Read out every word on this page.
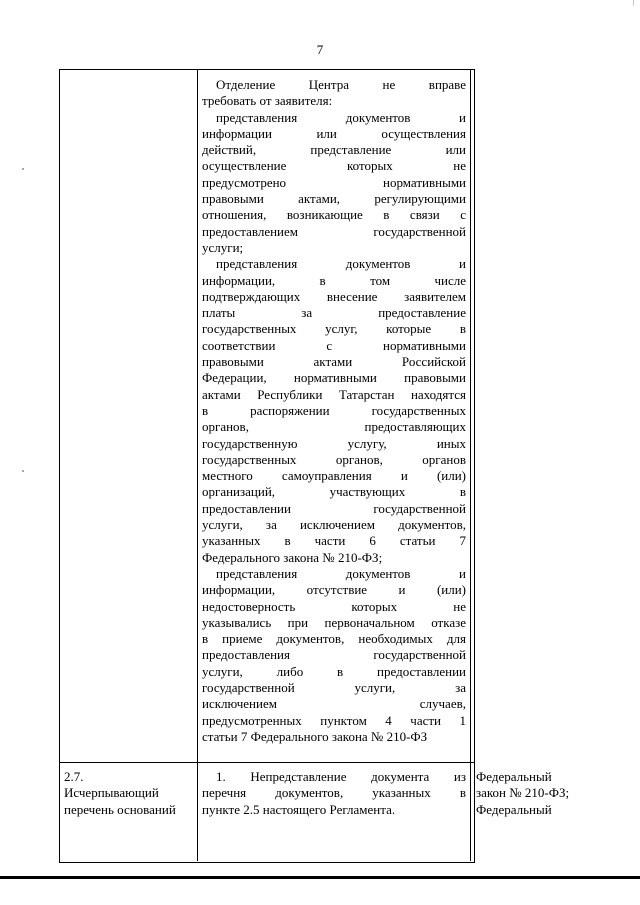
7

Отделение Центра не вправе

требовать от заявителя:

представления документов и

информации или осуществления

действий, представление или

осуществление которых не

предусмотрено нормативными

правовыми актами, регулирующими

отношения, возникающие в связи с

предоставлением государственной

услуги;

представления документов и

информации, в том числе

подтверждающих внесение заявителем

платы за предоставление

государственных услуг, которые в

соответствии с нормативными

правовыми актами Российской

Федерации, нормативными правовыми

актами Республики Татарстан находятся

в распоряжении государственных

органов, предоставляющих

государственную услугу, иных

государственных органов, органов

местного самоуправления и (или)

организаций, участвующих в

предоставлении государственной

услуги, за исключением документов,

указанных в части 6 статьи 7

Федерального закона № 210-ФЗ;

представления документов и

информации, отсутствие и (или)

недостоверность которых не

указывались при первоначальном отказе

в приеме документов, необходимых для

предоставления государственной

услуги, либо в предоставлении

государственной услуги, за

исключением случаев,

предусмотренных пунктом 4 части 1

статьи 7 Федерального закона № 210-ФЗ

2.7.

Исчерпывающий

перечень оснований

1. Непредставление документа из

перечня документов, указанных в

пункте 2.5 настоящего Регламента.

Федеральный

закон № 210-ФЗ;

Федеральный
